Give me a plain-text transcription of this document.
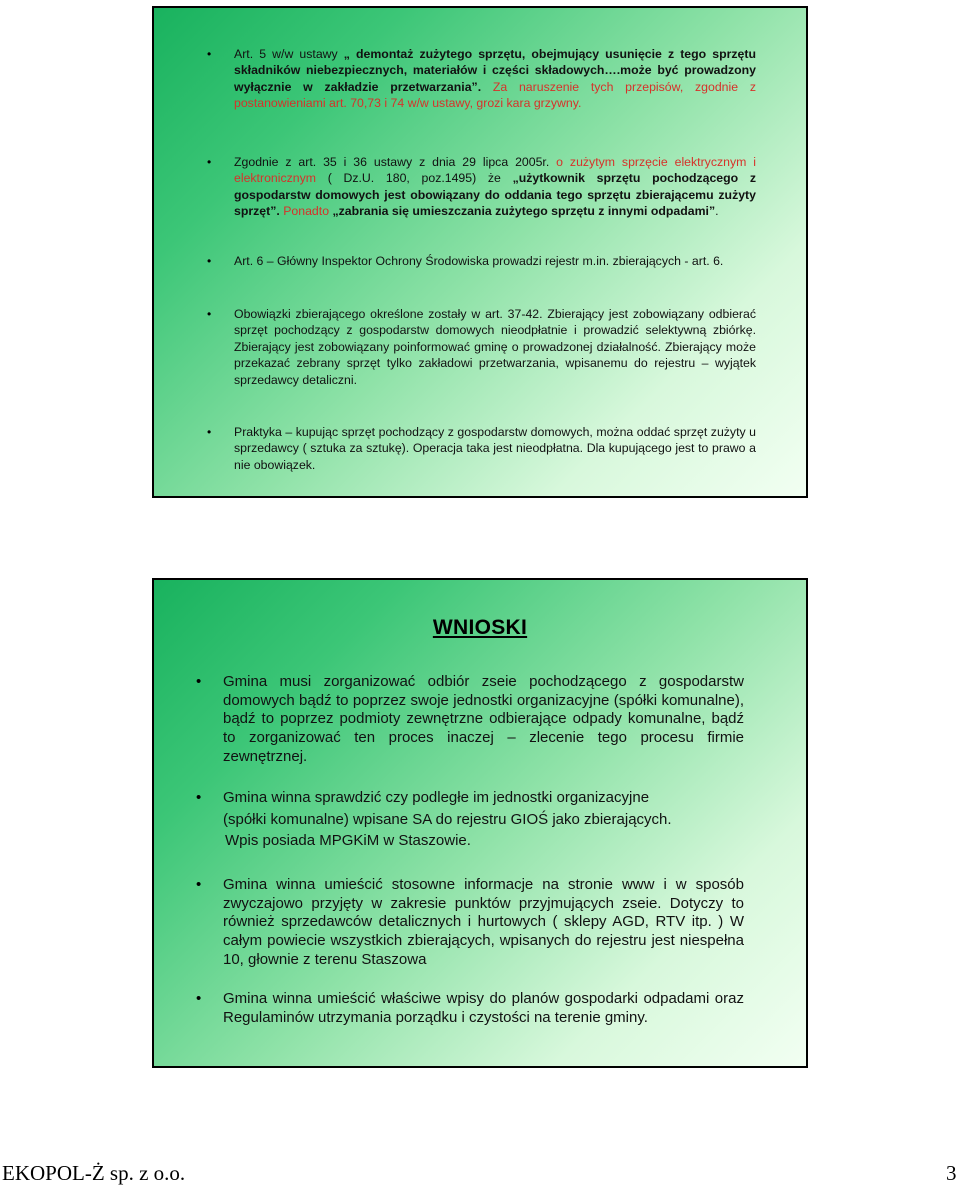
• Art. 5 w/w ustawy „ demontaż zużytego sprzętu, obejmujący usunięcie z tego sprzętu składników niebezpiecznych, materiałów i części składowych….może być prowadzony wyłącznie w zakładzie przetwarzania”. Za naruszenie tych przepisów, zgodnie z postanowieniami art. 70,73 i 74 w/w ustawy, grozi kara grzywny.
• Zgodnie z art. 35 i 36 ustawy z dnia 29 lipca 2005r. o zużytym sprzęcie elektrycznym i elektronicznym ( Dz.U. 180, poz.1495) że „użytkownik sprzętu pochodzącego z gospodarstw domowych jest obowiązany do oddania tego sprzętu zbierającemu zużyty sprzęt”. Ponadto „zabrania się umieszczania zużytego sprzętu z innymi odpadami”.
• Art. 6 – Główny Inspektor Ochrony Środowiska prowadzi rejestr m.in. zbierających - art. 6.
• Obowiązki zbierającego określone zostały w art. 37-42. Zbierający jest zobowiązany odbierać sprzęt pochodzący z gospodarstw domowych nieodpłatnie i prowadzić selektywną zbiórkę. Zbierający jest zobowiązany poinformować gminę o prowadzonej działalność. Zbierający może przekazać zebrany sprzęt tylko zakładowi przetwarzania, wpisanemu do rejestru – wyjątek sprzedawcy detaliczni.
• Praktyka – kupując sprzęt pochodzący z gospodarstw domowych, można oddać sprzęt zużyty u sprzedawcy ( sztuka za sztukę). Operacja taka jest nieodpłatna. Dla kupującego jest to prawo a nie obowiązek.
WNIOSKI
• Gmina musi zorganizować odbiór zseie pochodzącego z gospodarstw domowych bądź to poprzez swoje jednostki organizacyjne (spółki komunalne), bądź to poprzez podmioty zewnętrzne odbierające odpady komunalne, bądź to zorganizować ten proces inaczej – zlecenie tego procesu firmie zewnętrznej.
• Gmina winna sprawdzić czy podległe im jednostki organizacyjne
(spółki komunalne) wpisane SA do rejestru GIOŚ jako zbierających.
Wpis posiada MPGKiM w Staszowie.
• Gmina winna umieścić stosowne informacje na stronie www i w sposób zwyczajowo przyjęty w zakresie punktów przyjmujących zseie. Dotyczy to również sprzedawców detalicznych i hurtowych ( sklepy AGD, RTV itp. ) W całym powiecie wszystkich zbierających, wpisanych do rejestru jest niespełna 10, głownie z terenu Staszowa
• Gmina winna umieścić właściwe wpisy do planów gospodarki odpadami oraz Regulaminów utrzymania porządku i czystości na terenie gminy.
EKOPOL-Ż sp. z o.o.	3
